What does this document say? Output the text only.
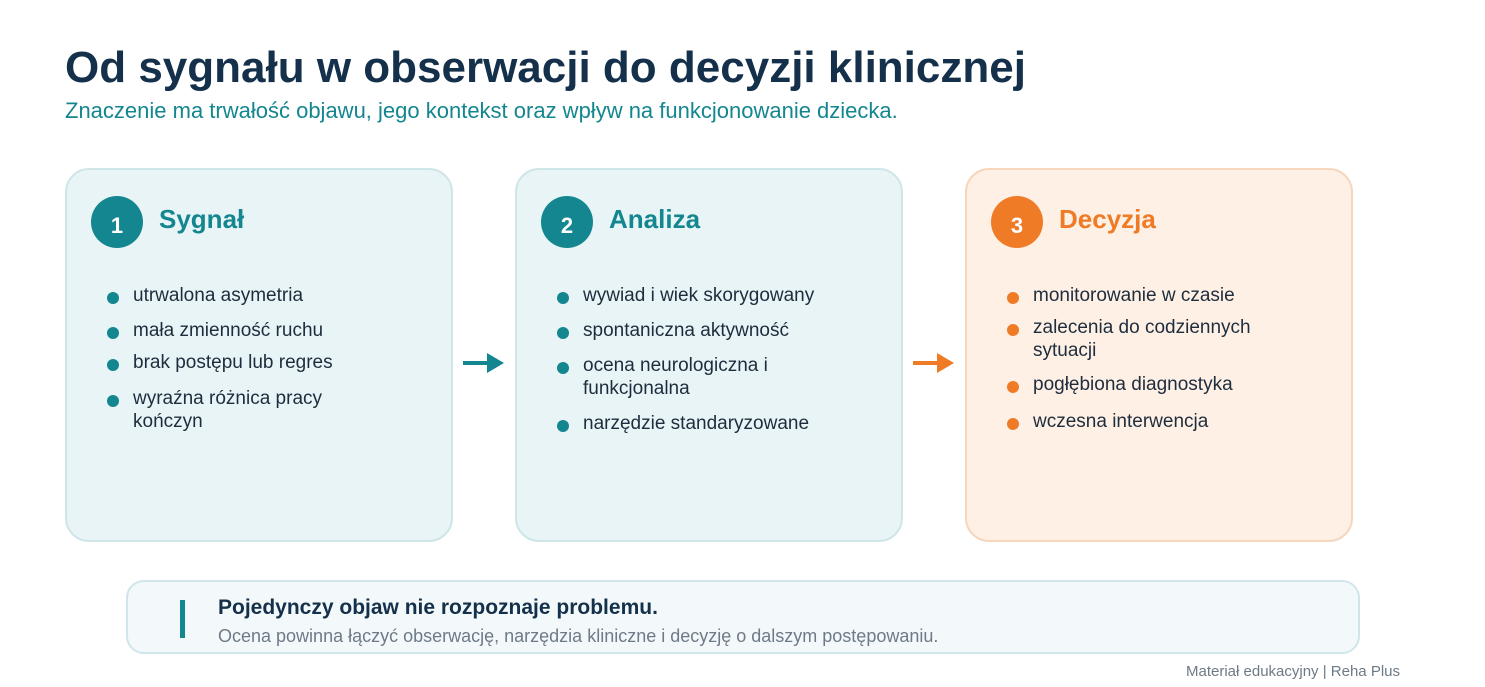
Od sygnału w obserwacji do decyzji klinicznej
Znaczenie ma trwałość objawu, jego kontekst oraz wpływ na funkcjonowanie dziecka.
1	Sygnał
utrwalona asymetria
mała zmienność ruchu
brak postępu lub regres
wyraźna różnica pracy
kończyn
2	Analiza
wywiad i wiek skorygowany
spontaniczna aktywność
ocena neurologiczna i
funkcjonalna
narzędzie standaryzowane
3	Decyzja
monitorowanie w czasie
zalecenia do codziennych
sytuacji
pogłębiona diagnostyka
wczesna interwencja
Pojedynczy objaw nie rozpoznaje problemu.
Ocena powinna łączyć obserwację, narzędzia kliniczne i decyzję o dalszym postępowaniu.
Materiał edukacyjny | Reha Plus
